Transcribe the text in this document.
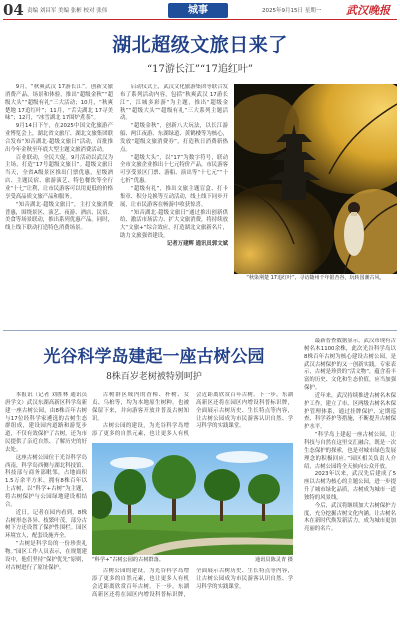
04 责编 刘昌军 美编 张彬 校对 张伟	城事	2025年9月15日 星期一 武汉晚报
湖北超级文旅日来了
“17游长江”“17追红叶”

9月，“秋爽武汉 17游长江”。创新文旅消费产品，场景和体验，推出“超级金秋”“超级大头”“超级有礼”三大活动；10月，“秋爽楚地 17追红叶”；11月，“舌尖湖北 17寻美味”；12月，“冰雪湖北 17围炉煮茶”。

9月14日下午，在2025中国文化旅游产业博览会上，湖北省文旅厅、湖北文旅集团联合发布“知音湖北·超级文旅日”活动，首批推出今年金秋至年底大型主题文旅消费活动。

百业联动，全民大促。9月活动以武汉为主场，打造“17号超级文旅日”。超级文旅日当天，全省A级景区推出门票优惠，星级酒店、主题民宿、旅游演艺、特色餐饮等全行业“十七”让利，让市民游客可以用更低的价格享受高品质文旅产品和服务。

“知音湖北·超级文旅日”，主打文旅消费普惠，围绕景区、演艺、夜游、酒店、民宿、美食等场景联动，推出系列优惠产品。同时，线上线下联动打造特色消费场景。

启动仪式上，武汉文化旅游集团等联合发布了系列活动内容，包括“秋爽武汉 17游长江”，江城多彩游“为主题，推出“超级金秋”“超级大头”“超级有礼”三大系列主题活动。

“超级金秋”，创新八大玩法，以长江游船、两江夜游、东湖绿道、黄鹤楼等为核心，发放“超级文旅消费券”，打造秋日消费新热点。

“超级大头”，以“17”为数字符号，联动全市文旅企业推出十七元特价产品，市民游客可享受景区门票、游船、演出等“十七元”“十七折”优惠。

“超级有礼”，推出文旅主题盲盒、打卡集章、积分兑换等互动活动，线上线下同步开展，让市民游客在畅游中收获惊喜。

“知音湖北·超级文旅日”通过推出创新供给、激活市场活力、扩大文旅消费，将持续放大“文旅+”综合效应，打造湖北文旅新名片，助力文旅强省建设。

记者万建辉 通讯员郭文斌

“秋染荆楚 17追红叶”，寻访随州千年银杏谷，玩转国潮古风。
光谷科学岛建起一座古树公园
8株百岁老树被特别呵护

本报讯（记者 刘胜林 通讯员 唐学文）武汉东湖高新区科学岛新建一座古树公园，由8株百年古树与17位经科学家遴选的古树生态群组成，建设园内道路和游览步道，不仅有效保护了古树，还为市民提供了亲近自然、了解历史的好去处。

这座古树公园位于光谷科学岛西南，科学岛西侧与湖北科技馆、科技部与商务部毗邻，占地面积1.5万余平方米。拥有8株百年以上古树，以“科学+古树”为主题，将古树保护与公园绿地建设相结合。

近日，记者在园内看到，8株古树形态各异、枝繁叶茂，部分古树下方还设置了保护性围栏。园区环境宜人，配套设施齐全。

“古树是科学岛的一份珍贵礼物。”园区工作人员表示，在规划建设中，他们坚持“保护优先”原则，对古树进行了原址保护。

“科学+”古树公园的古树群落。	通讯员陈灵青 摄

古树群区域内的香樟、朴树、女贞、乌桕等，均为本地原生树种，也被保留下来，并向游客开放并普及古树知识。

古树公园的建设，为光谷科学岛增添了更多的自然元素，也让更多人有机会近距离欣赏百年古树。下一步，东湖高新区还将在园区内增设科普标识牌，全面展示古树历史、生长特点等内容，让古树公园成为市民游客认识自然、学习科学的实践课堂。

古树公园的建设，为光谷科学岛增添了更多的自然元素，也让更多人有机会近距离欣赏百年古树。下一步，东湖高新区还将在园区内增设科普标识牌，全面展示古树历史、生长特点等内容，让古树公园成为市民游客认识自然、学习科学的实践课堂。

最新普查数据显示，武汉市现有古树名木1100余株，此次光谷科学岛以8株百年古树为核心建设古树公园，是武汉古树保护的又一创新实践。专家表示，古树是珍贵的“活文物”，蕴含着丰富的历史、文化和生态价值，应当加强保护。

近年来，武汉持续推进古树名木保护工作，建立了市、区两级古树名木保护管理体系，通过挂牌保护、定期巡查、科学养护等措施，不断提升古树保护水平。

“科学岛上建起一座古树公园，让科技与自然在这里交汇融合，既是一次生态保护的探索，也是对城市绿色发展理念的积极回应。”园区相关负责人介绍，古树公园将全天候向公众开放。

2023年以来，武汉先后建成了5座以古树为核心的主题公园，进一步提升了城市绿化品质，古树成为城市一道独特的风景线。

今后，武汉将继续加大古树保护力度，充分挖掘古树文化内涵，让古树名木在新时代焕发新活力，成为城市更加亮丽的名片。
